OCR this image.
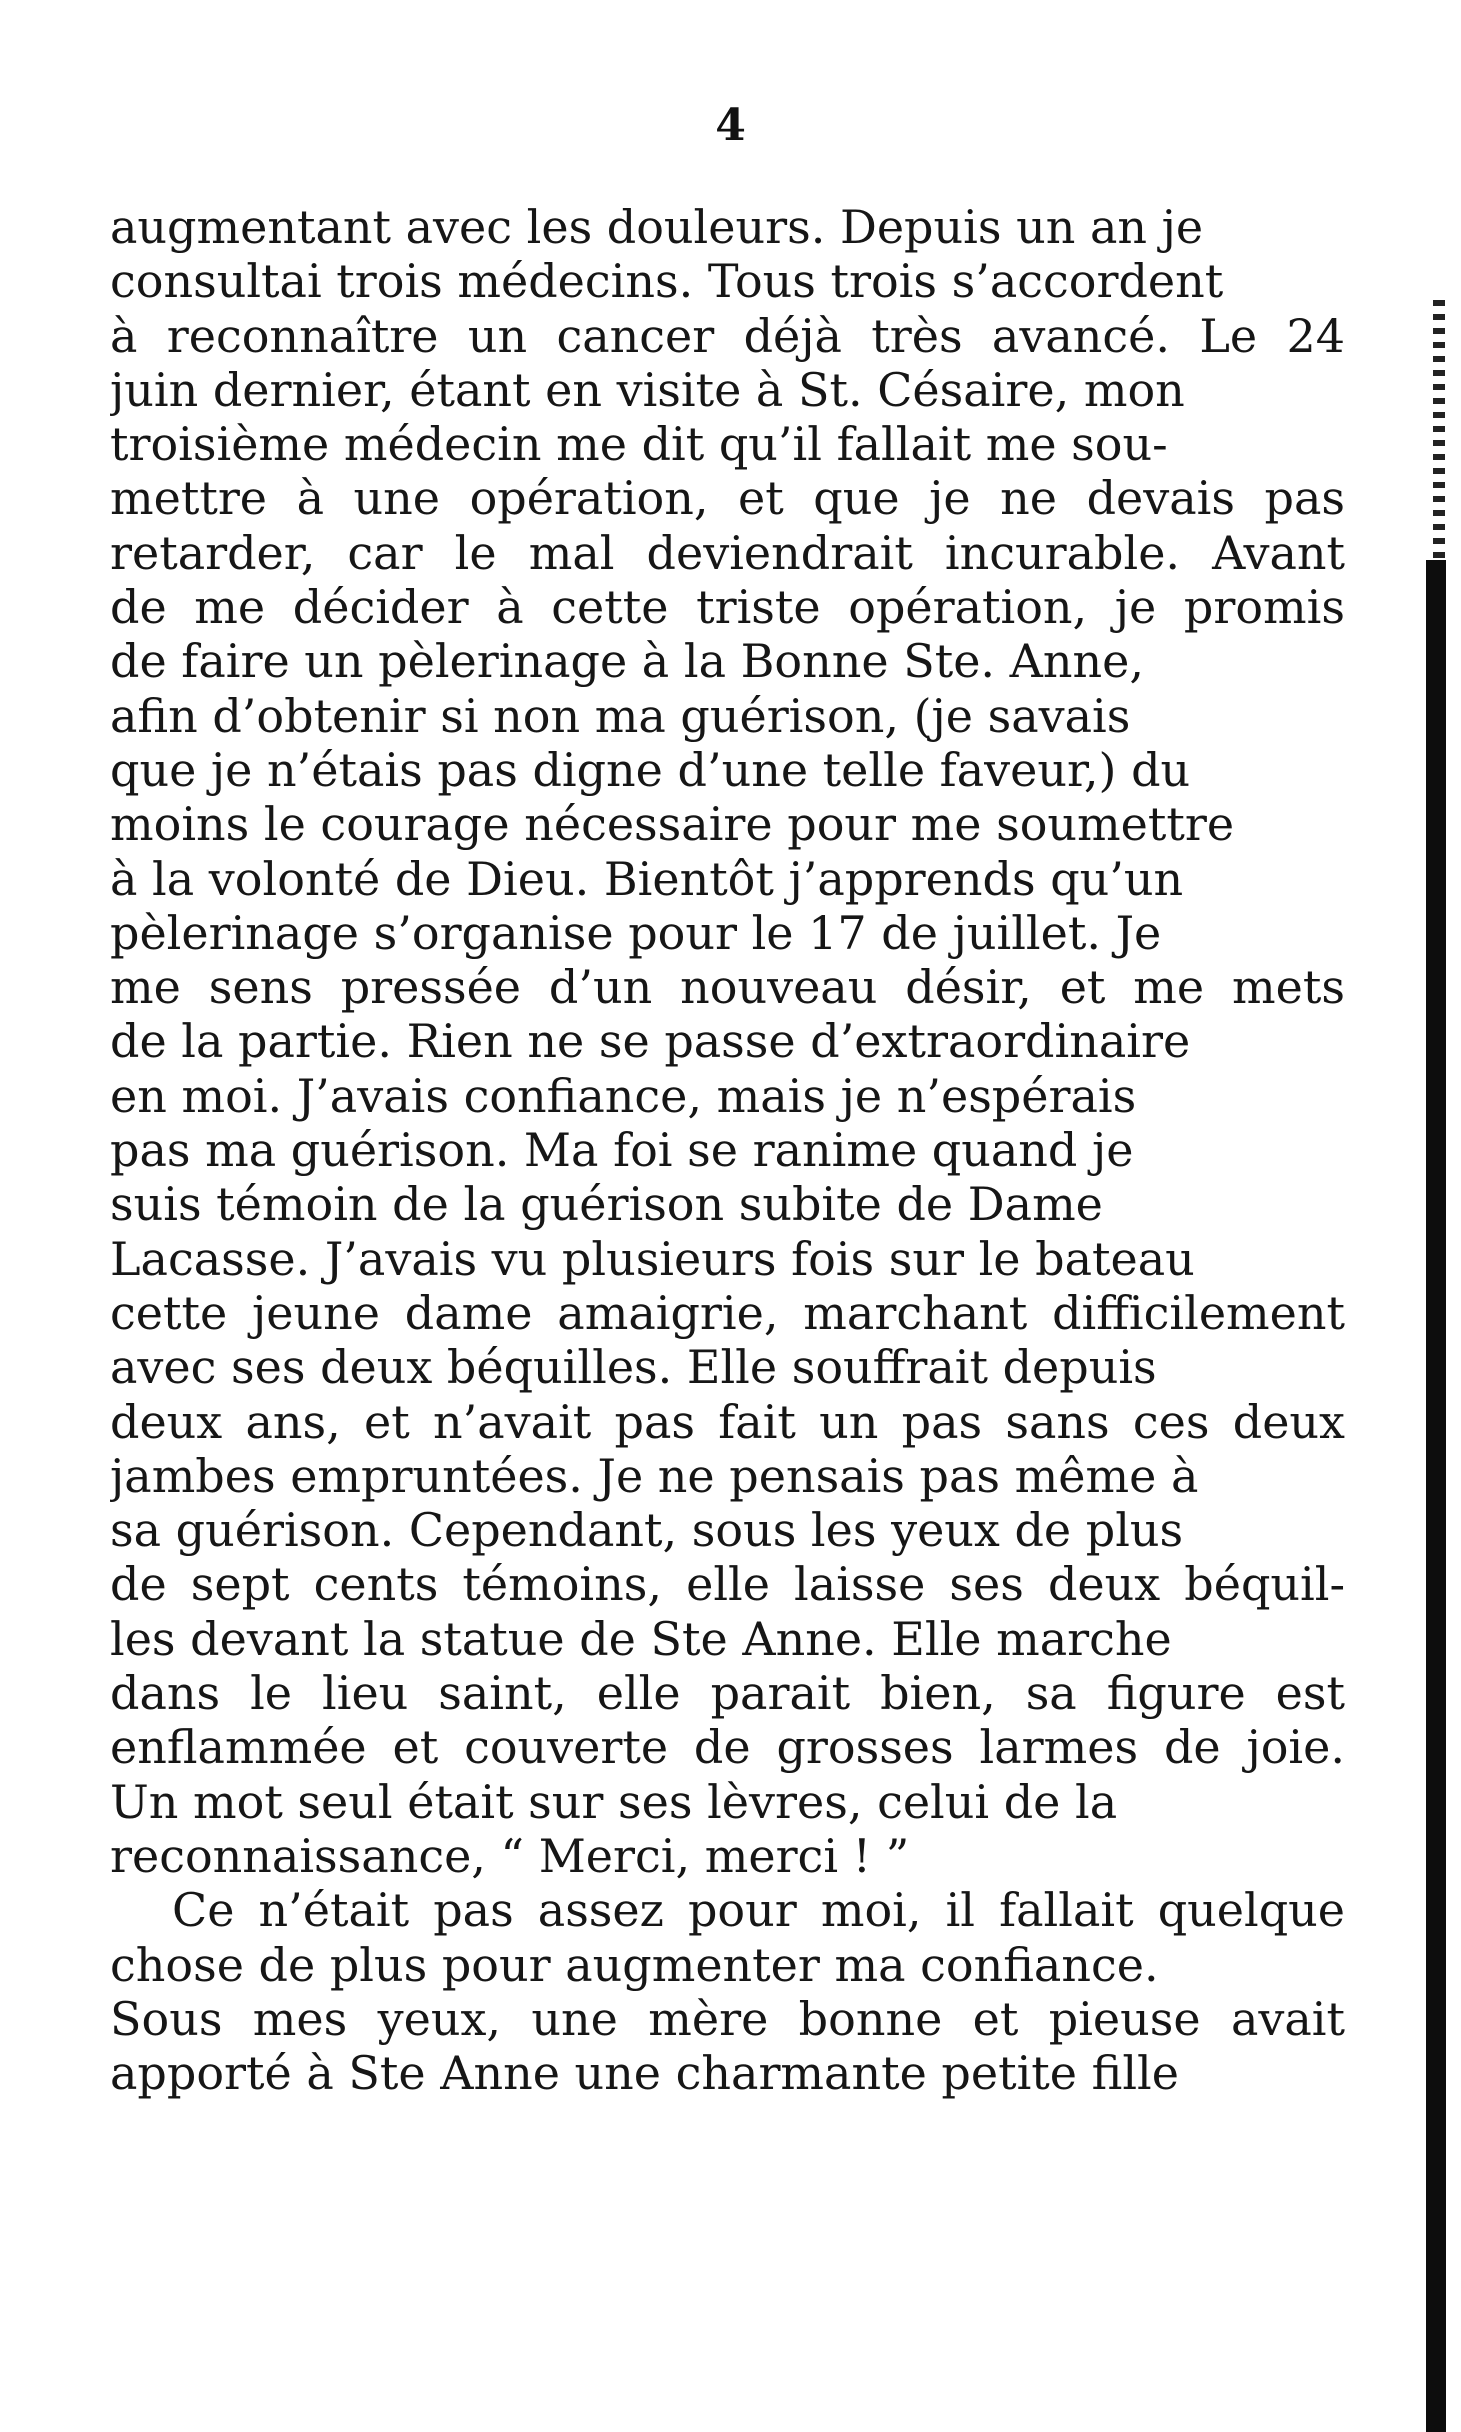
4
augmentant avec les douleurs. Depuis un an je
consultai trois médecins. Tous trois s’accordent
à reconnaître un cancer déjà très avancé. Le 24
juin dernier, étant en visite à St. Césaire, mon
troisième médecin me dit qu’il fallait me sou-
mettre à une opération, et que je ne devais pas
retarder, car le mal deviendrait incurable. Avant
de me décider à cette triste opération, je promis
de faire un pèlerinage à la Bonne Ste. Anne,
afin d’obtenir si non ma guérison, (je savais
que je n’étais pas digne d’une telle faveur,) du
moins le courage nécessaire pour me soumettre
à la volonté de Dieu. Bientôt j’apprends qu’un
pèlerinage s’organise pour le 17 de juillet. Je
me sens pressée d’un nouveau désir, et me mets
de la partie. Rien ne se passe d’extraordinaire
en moi. J’avais confiance, mais je n’espérais
pas ma guérison. Ma foi se ranime quand je
suis témoin de la guérison subite de Dame
Lacasse. J’avais vu plusieurs fois sur le bateau
cette jeune dame amaigrie, marchant difficilement
avec ses deux béquilles. Elle souffrait depuis
deux ans, et n’avait pas fait un pas sans ces deux
jambes empruntées. Je ne pensais pas même à
sa guérison. Cependant, sous les yeux de plus
de sept cents témoins, elle laisse ses deux béquil-
les devant la statue de Ste Anne. Elle marche
dans le lieu saint, elle parait bien, sa figure est
enflammée et couverte de grosses larmes de joie.
Un mot seul était sur ses lèvres, celui de la
reconnaissance, “ Merci, merci ! ”
Ce n’était pas assez pour moi, il fallait quelque
chose de plus pour augmenter ma confiance.
Sous mes yeux, une mère bonne et pieuse avait
apporté à Ste Anne une charmante petite fille
